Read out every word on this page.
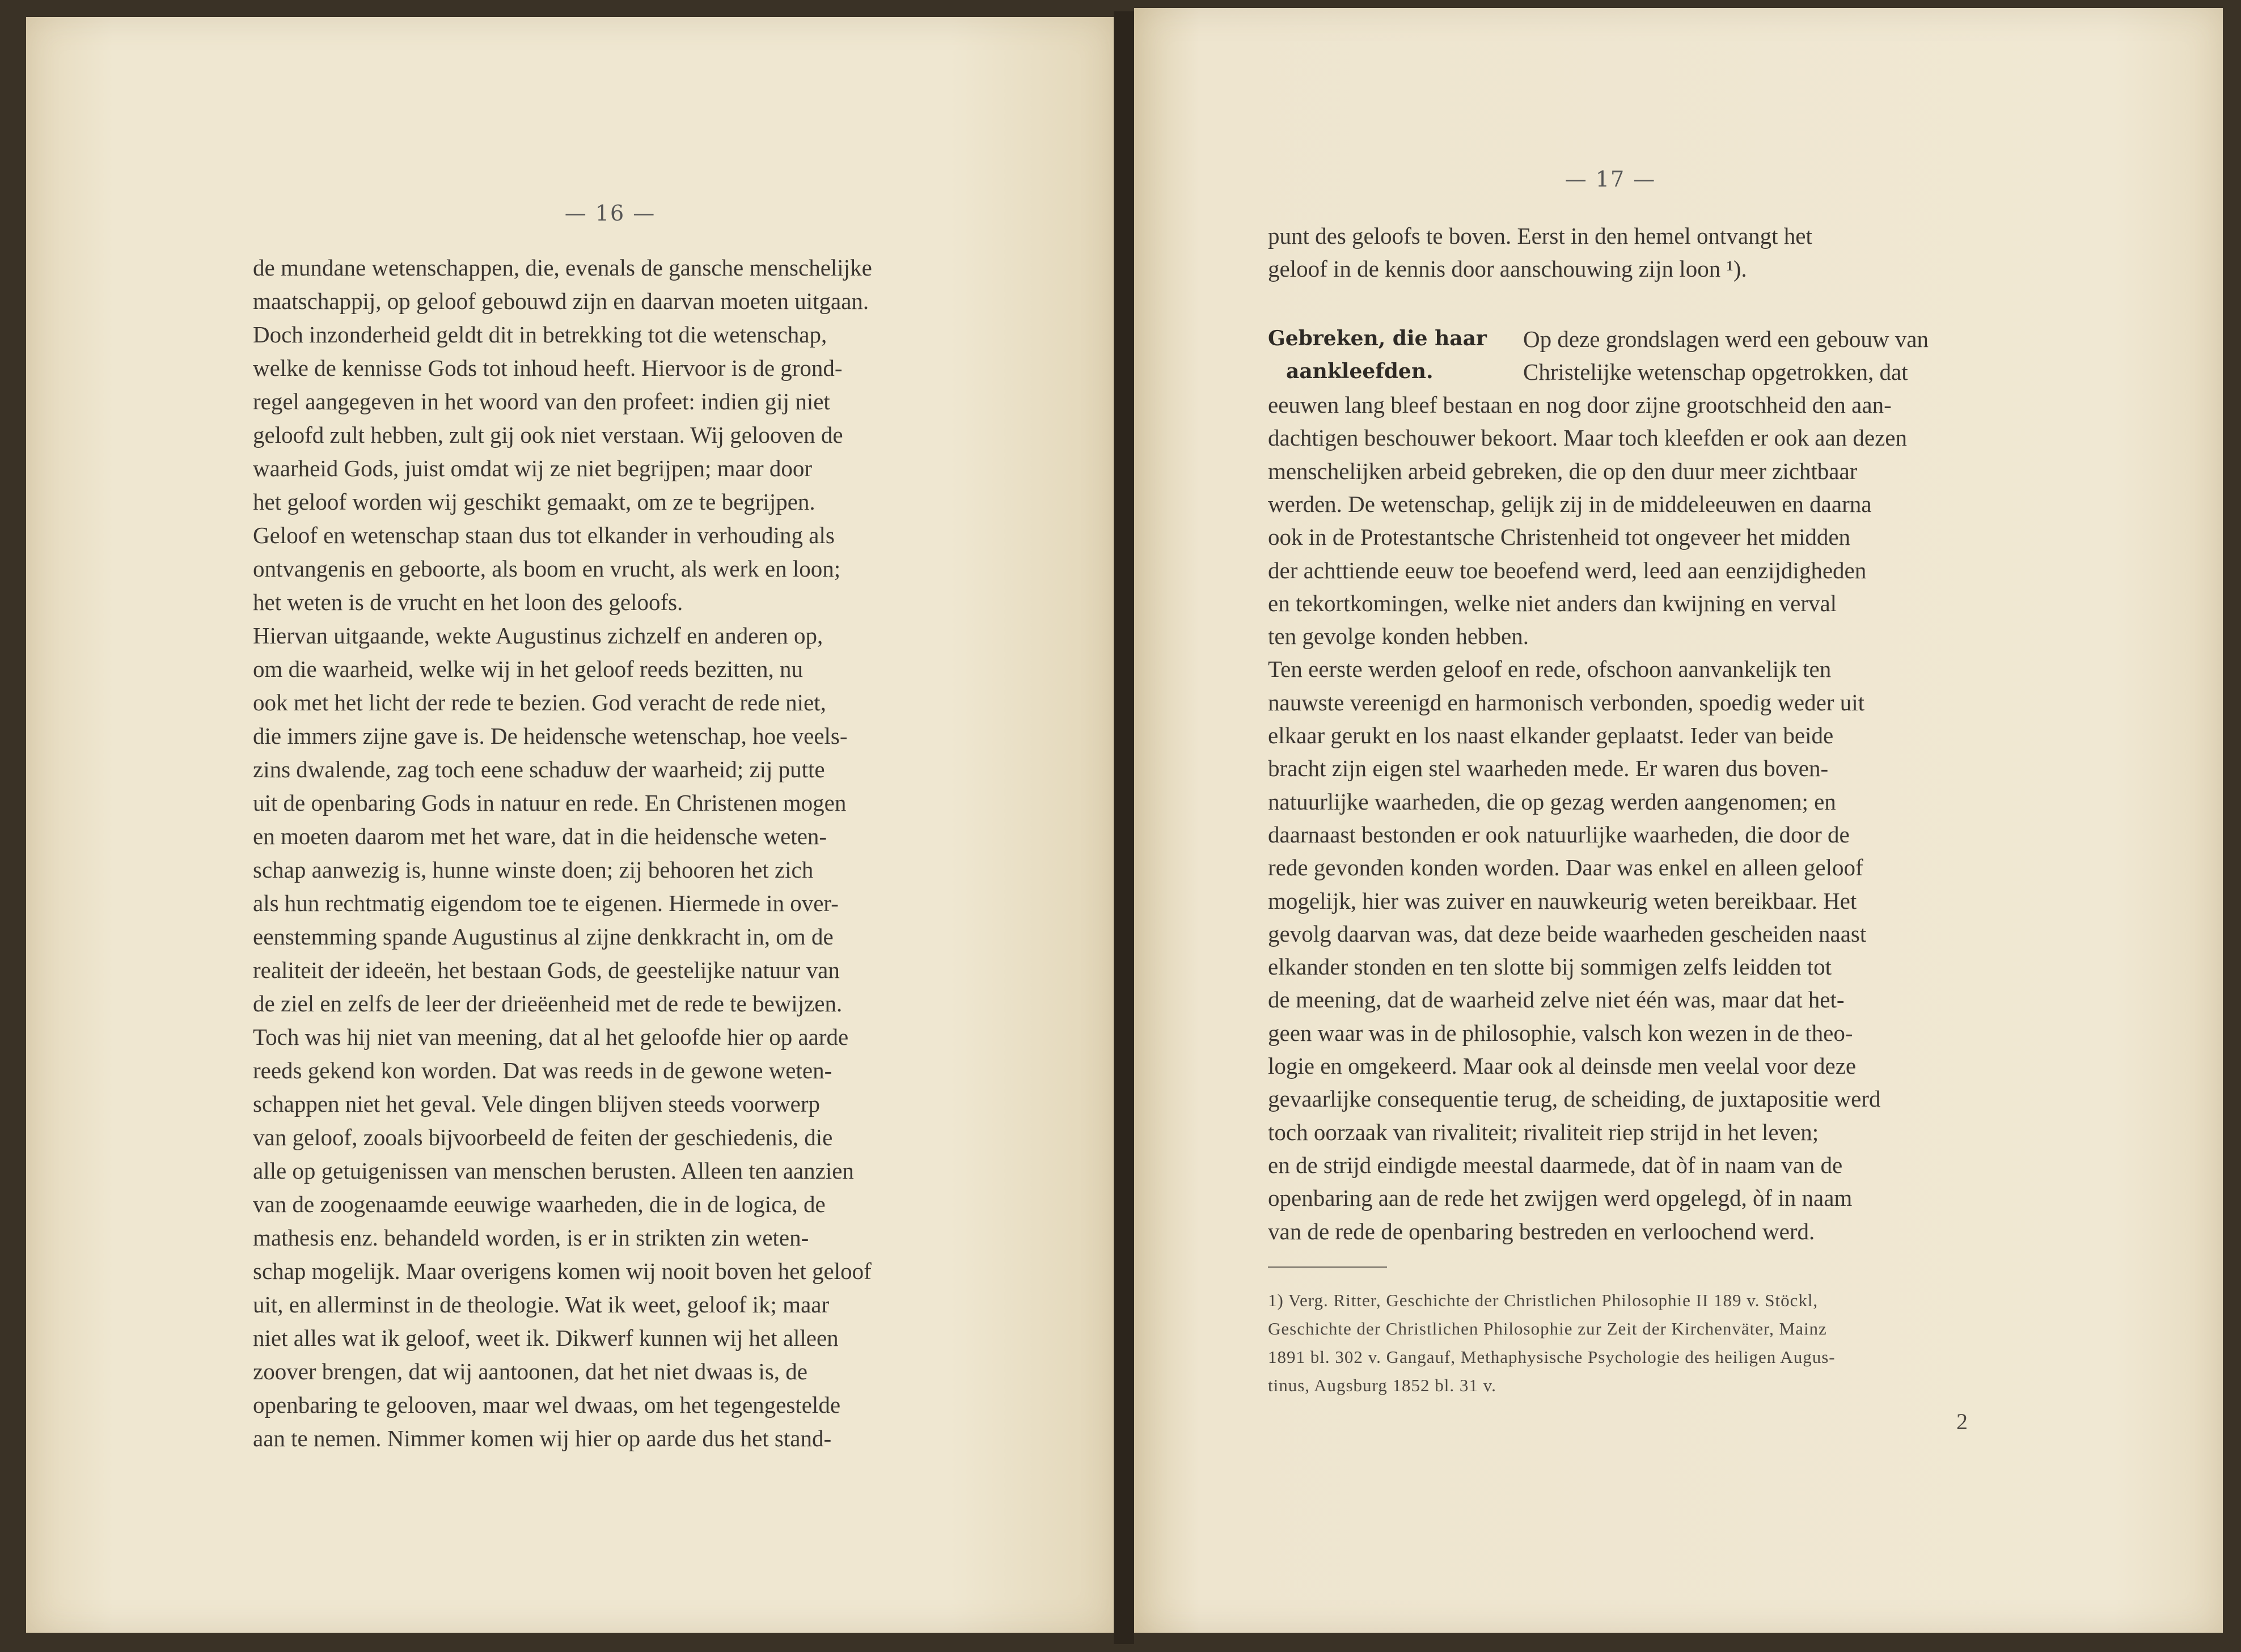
— 16 —
de mundane wetenschappen, die, evenals de gansche menschelijke
maatschappij, op geloof gebouwd zijn en daarvan moeten uitgaan.
Doch inzonderheid geldt dit in betrekking tot die wetenschap,
welke de kennisse Gods tot inhoud heeft. Hiervoor is de grond-
regel aangegeven in het woord van den profeet: indien gij niet
geloofd zult hebben, zult gij ook niet verstaan. Wij gelooven de
waarheid Gods, juist omdat wij ze niet begrijpen; maar door
het geloof worden wij geschikt gemaakt, om ze te begrijpen.
Geloof en wetenschap staan dus tot elkander in verhouding als
ontvangenis en geboorte, als boom en vrucht, als werk en loon;
het weten is de vrucht en het loon des geloofs.
Hiervan uitgaande, wekte Augustinus zichzelf en anderen op,
om die waarheid, welke wij in het geloof reeds bezitten, nu
ook met het licht der rede te bezien. God veracht de rede niet,
die immers zijne gave is. De heidensche wetenschap, hoe veels-
zins dwalende, zag toch eene schaduw der waarheid; zij putte
uit de openbaring Gods in natuur en rede. En Christenen mogen
en moeten daarom met het ware, dat in die heidensche weten-
schap aanwezig is, hunne winste doen; zij behooren het zich
als hun rechtmatig eigendom toe te eigenen. Hiermede in over-
eenstemming spande Augustinus al zijne denkkracht in, om de
realiteit der ideeën, het bestaan Gods, de geestelijke natuur van
de ziel en zelfs de leer der drieëenheid met de rede te bewijzen.
Toch was hij niet van meening, dat al het geloofde hier op aarde
reeds gekend kon worden. Dat was reeds in de gewone weten-
schappen niet het geval. Vele dingen blijven steeds voorwerp
van geloof, zooals bijvoorbeeld de feiten der geschiedenis, die
alle op getuigenissen van menschen berusten. Alleen ten aanzien
van de zoogenaamde eeuwige waarheden, die in de logica, de
mathesis enz. behandeld worden, is er in strikten zin weten-
schap mogelijk. Maar overigens komen wij nooit boven het geloof
uit, en allerminst in de theologie. Wat ik weet, geloof ik; maar
niet alles wat ik geloof, weet ik. Dikwerf kunnen wij het alleen
zoover brengen, dat wij aantoonen, dat het niet dwaas is, de
openbaring te gelooven, maar wel dwaas, om het tegengestelde
aan te nemen. Nimmer komen wij hier op aarde dus het stand-
— 17 —
punt des geloofs te boven. Eerst in den hemel ontvangt het
geloof in de kennis door aanschouwing zijn loon ¹).
Gebreken, die haar
aankleefden.
Op deze grondslagen werd een gebouw van
Christelijke wetenschap opgetrokken, dat
eeuwen lang bleef bestaan en nog door zijne grootschheid den aan-
dachtigen beschouwer bekoort. Maar toch kleefden er ook aan dezen
menschelijken arbeid gebreken, die op den duur meer zichtbaar
werden. De wetenschap, gelijk zij in de middeleeuwen en daarna
ook in de Protestantsche Christenheid tot ongeveer het midden
der achttiende eeuw toe beoefend werd, leed aan eenzijdigheden
en tekortkomingen, welke niet anders dan kwijning en verval
ten gevolge konden hebben.
Ten eerste werden geloof en rede, ofschoon aanvankelijk ten
nauwste vereenigd en harmonisch verbonden, spoedig weder uit
elkaar gerukt en los naast elkander geplaatst. Ieder van beide
bracht zijn eigen stel waarheden mede. Er waren dus boven-
natuurlijke waarheden, die op gezag werden aangenomen; en
daarnaast bestonden er ook natuurlijke waarheden, die door de
rede gevonden konden worden. Daar was enkel en alleen geloof
mogelijk, hier was zuiver en nauwkeurig weten bereikbaar. Het
gevolg daarvan was, dat deze beide waarheden gescheiden naast
elkander stonden en ten slotte bij sommigen zelfs leidden tot
de meening, dat de waarheid zelve niet één was, maar dat het-
geen waar was in de philosophie, valsch kon wezen in de theo-
logie en omgekeerd. Maar ook al deinsde men veelal voor deze
gevaarlijke consequentie terug, de scheiding, de juxtapositie werd
toch oorzaak van rivaliteit; rivaliteit riep strijd in het leven;
en de strijd eindigde meestal daarmede, dat òf in naam van de
openbaring aan de rede het zwijgen werd opgelegd, òf in naam
van de rede de openbaring bestreden en verloochend werd.
1) Verg. Ritter, Geschichte der Christlichen Philosophie II 189 v. Stöckl,
Geschichte der Christlichen Philosophie zur Zeit der Kirchenväter, Mainz
1891 bl. 302 v. Gangauf, Methaphysische Psychologie des heiligen Augus-
tinus, Augsburg 1852 bl. 31 v.
2
